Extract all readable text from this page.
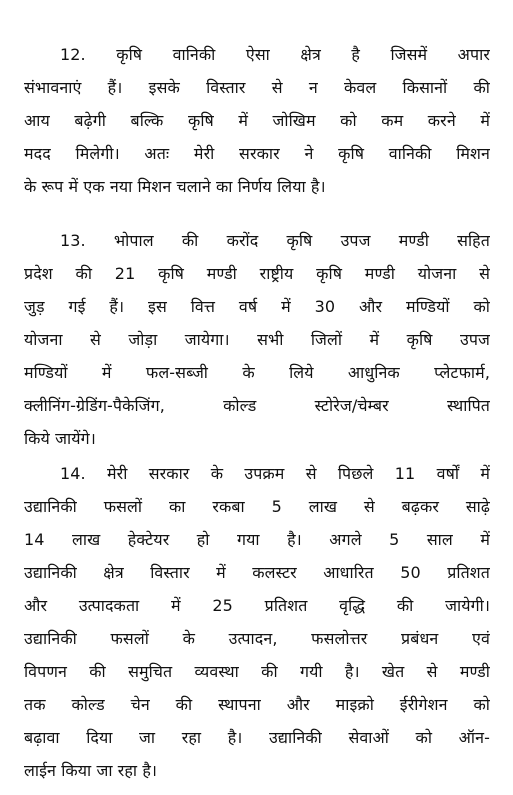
12. कृषि वानिकी ऐसा क्षेत्र है जिसमें अपार
संभावनाएं हैं। इसके विस्तार से न केवल किसानों की
आय बढ़ेगी बल्कि कृषि में जोखिम को कम करने में
मदद मिलेगी। अतः मेरी सरकार ने कृषि वानिकी मिशन
के रूप में एक नया मिशन चलाने का निर्णय लिया है।
13. भोपाल की करोंद कृषि उपज मण्डी सहित
प्रदेश की 21 कृषि मण्डी राष्ट्रीय कृषि मण्डी योजना से
जुड़ गई हैं। इस वित्त वर्ष में 30 और मण्डियों को
योजना से जोड़ा जायेगा। सभी जिलों में कृषि उपज
मण्डियों में फल-सब्जी के लिये आधुनिक प्लेटफार्म,
क्लीनिंग-ग्रेडिंग-पैकेजिंग, कोल्ड स्टोरेज/चेम्बर स्थापित
किये जायेंगे।
14. मेरी सरकार के उपक्रम से पिछले 11 वर्षों में
उद्यानिकी फसलों का रकबा 5 लाख से बढ़कर साढ़े
14 लाख हेक्टेयर हो गया है। अगले 5 साल में
उद्यानिकी क्षेत्र विस्तार में कलस्टर आधारित 50 प्रतिशत
और उत्पादकता में 25 प्रतिशत वृद्धि की जायेगी।
उद्यानिकी फसलों के उत्पादन, फसलोत्तर प्रबंधन एवं
विपणन की समुचित व्यवस्था की गयी है। खेत से मण्डी
तक कोल्ड चेन की स्थापना और माइक्रो ईरीगेशन को
बढ़ावा दिया जा रहा है। उद्यानिकी सेवाओं को ऑन-
लाईन किया जा रहा है।
